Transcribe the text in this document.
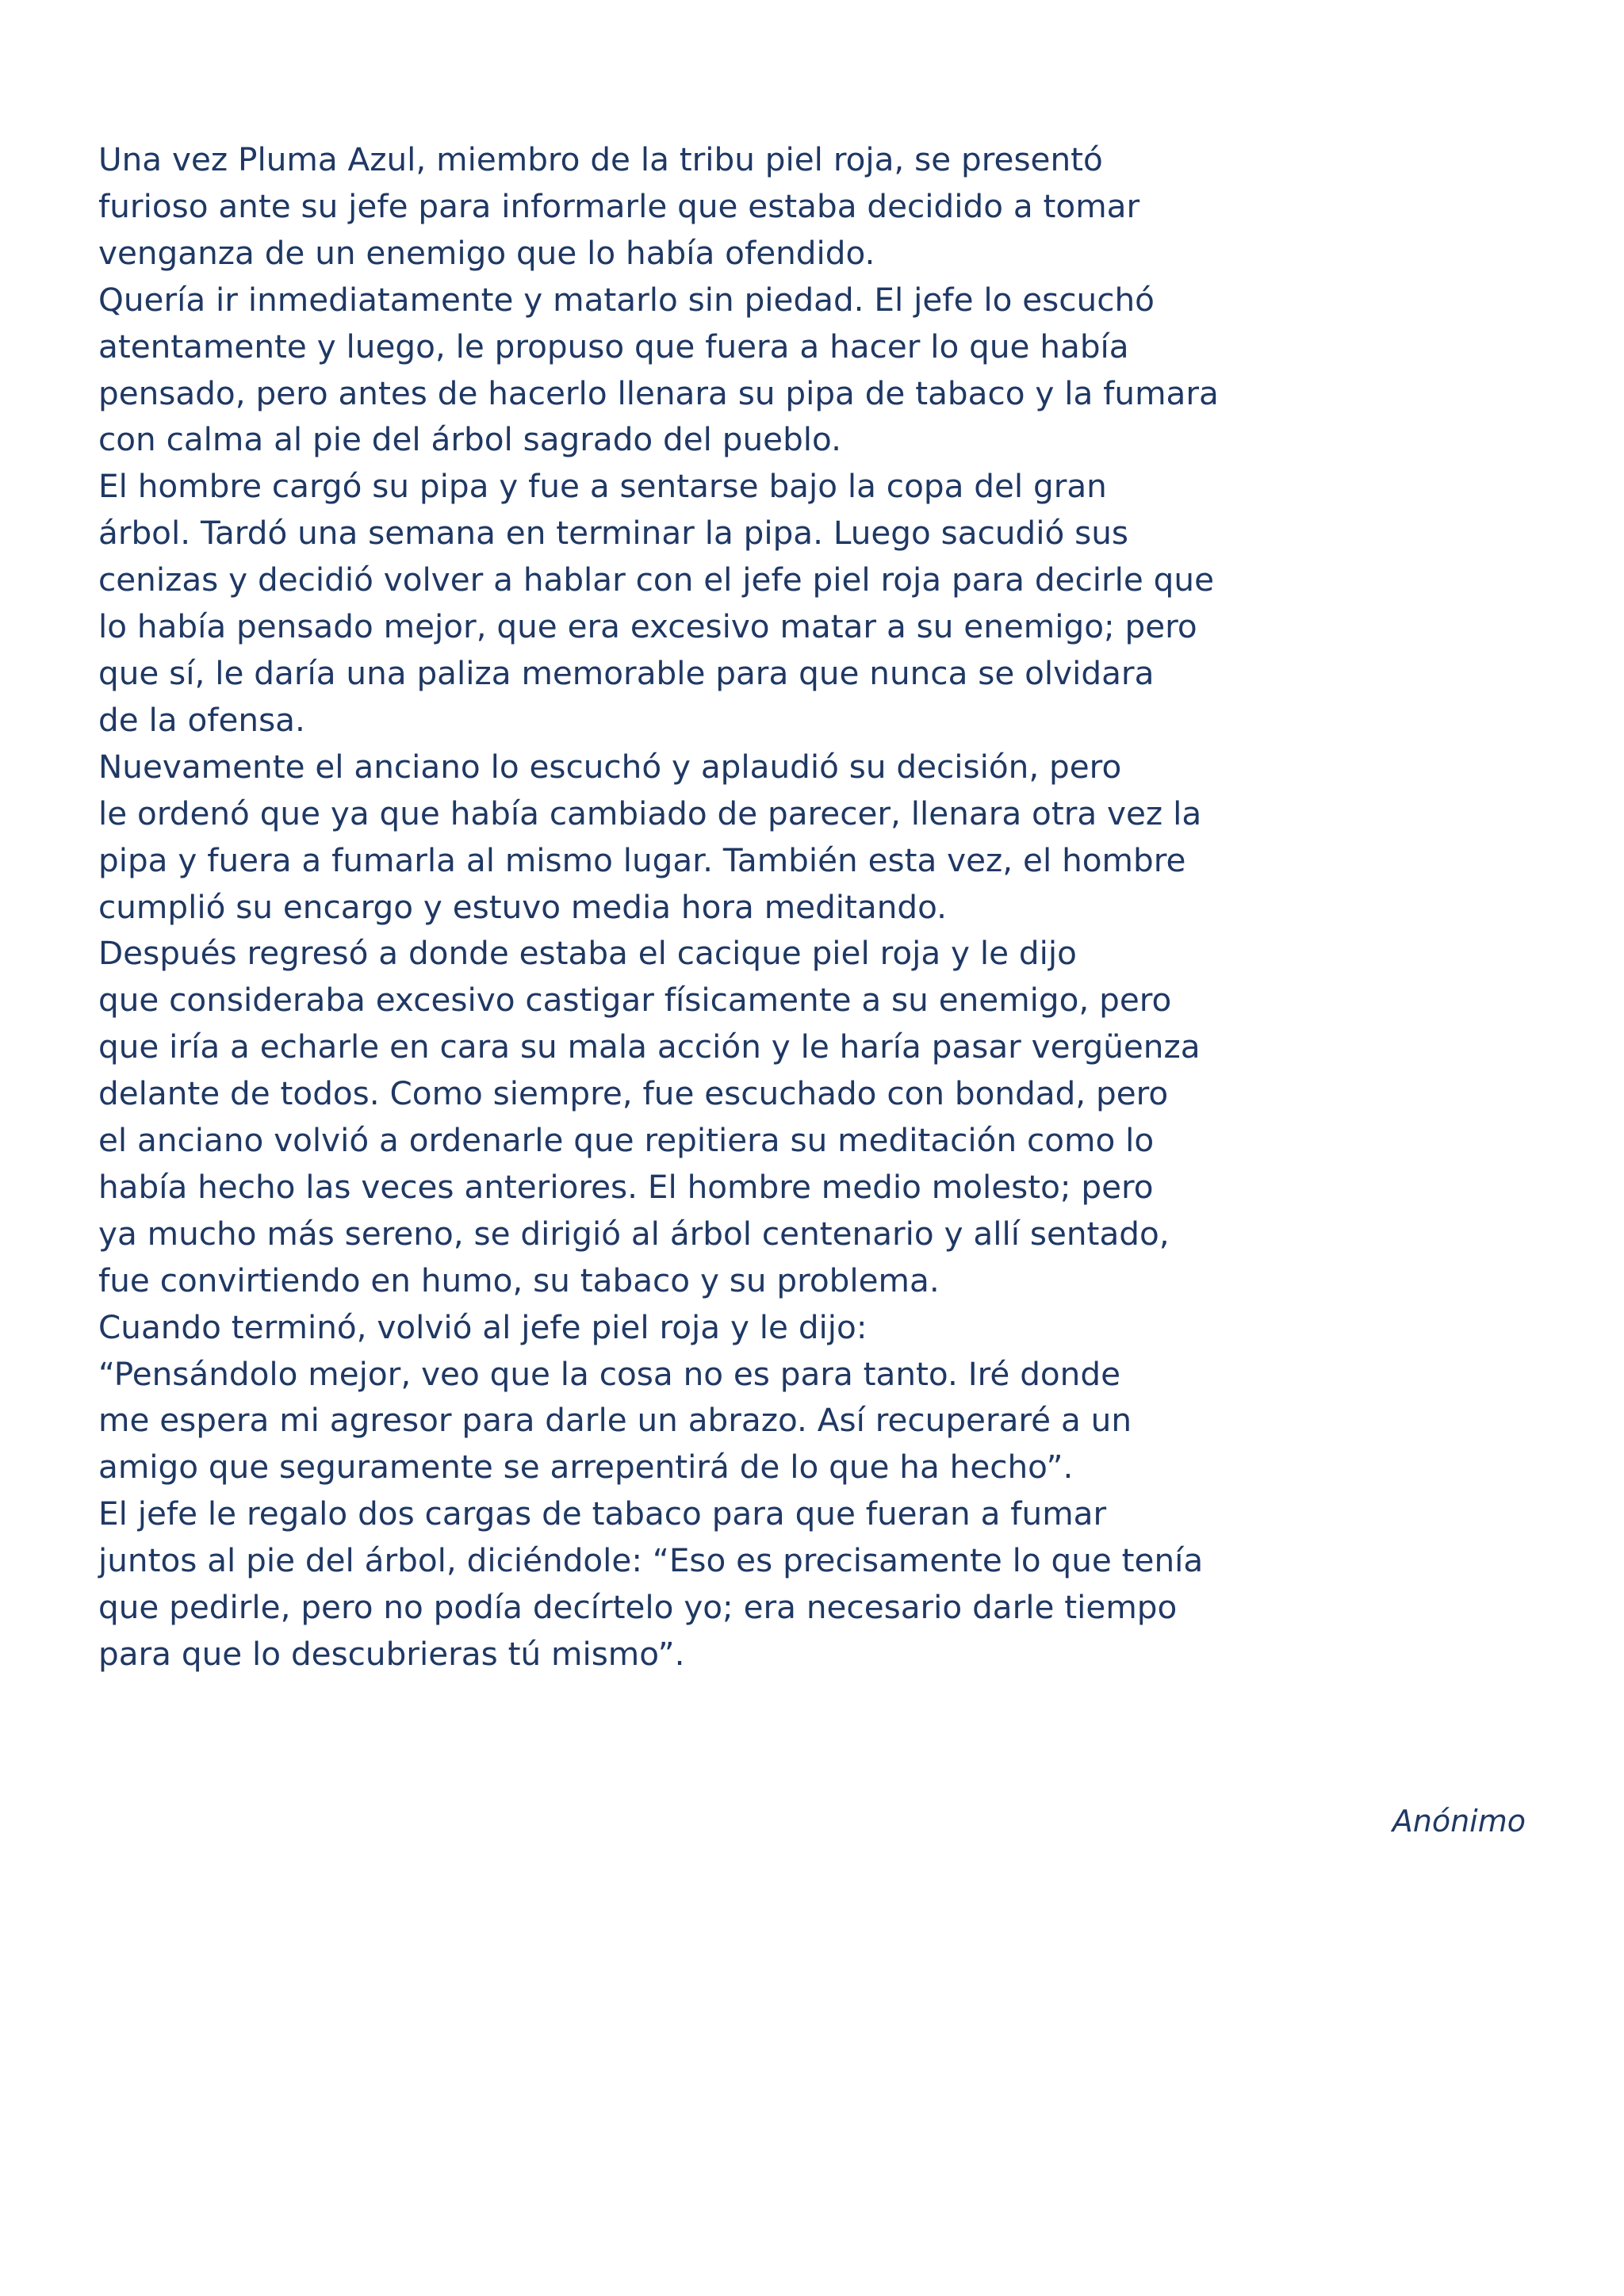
Una vez Pluma Azul, miembro de la tribu piel roja, se presentó

furioso ante su jefe para informarle que estaba decidido a tomar

venganza de un enemigo que lo había ofendido.

Quería ir inmediatamente y matarlo sin piedad. El jefe lo escuchó

atentamente y luego, le propuso que fuera a hacer lo que había

pensado, pero antes de hacerlo llenara su pipa de tabaco y la fumara

con calma al pie del árbol sagrado del pueblo.

El hombre cargó su pipa y fue a sentarse bajo la copa del gran

árbol. Tardó una semana en terminar la pipa. Luego sacudió sus

cenizas y decidió volver a hablar con el jefe piel roja para decirle que

lo había pensado mejor, que era excesivo matar a su enemigo; pero

que sí, le daría una paliza memorable para que nunca se olvidara

de la ofensa.

Nuevamente el anciano lo escuchó y aplaudió su decisión, pero

le ordenó que ya que había cambiado de parecer, llenara otra vez la

pipa y fuera a fumarla al mismo lugar. También esta vez, el hombre

cumplió su encargo y estuvo media hora meditando.

Después regresó a donde estaba el cacique piel roja y le dijo

que consideraba excesivo castigar físicamente a su enemigo, pero

que iría a echarle en cara su mala acción y le haría pasar vergüenza

delante de todos. Como siempre, fue escuchado con bondad, pero

el anciano volvió a ordenarle que repitiera su meditación como lo

había hecho las veces anteriores. El hombre medio molesto; pero

ya mucho más sereno, se dirigió al árbol centenario y allí sentado,

fue convirtiendo en humo, su tabaco y su problema.

Cuando terminó, volvió al jefe piel roja y le dijo:

“Pensándolo mejor, veo que la cosa no es para tanto. Iré donde

me espera mi agresor para darle un abrazo. Así recuperaré a un

amigo que seguramente se arrepentirá de lo que ha hecho”.

El jefe le regalo dos cargas de tabaco para que fueran a fumar

juntos al pie del árbol, diciéndole: “Eso es precisamente lo que tenía

que pedirle, pero no podía decírtelo yo; era necesario darle tiempo

para que lo descubrieras tú mismo”.

Anónimo
